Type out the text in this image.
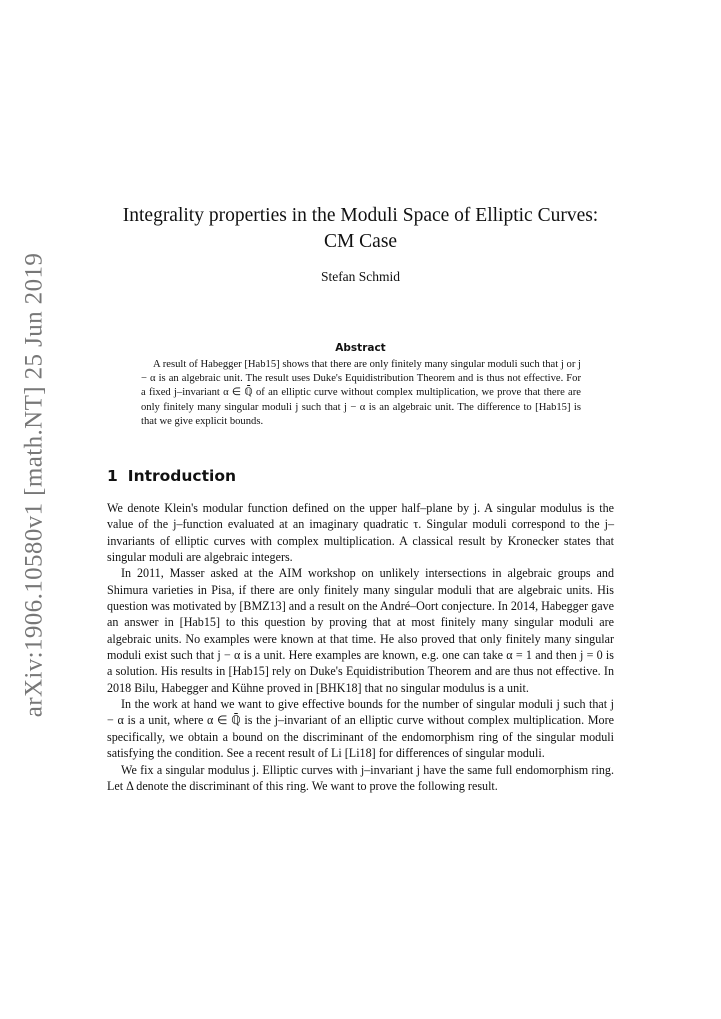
arXiv:1906.10580v1 [math.NT] 25 Jun 2019
Integrality properties in the Moduli Space of Elliptic Curves: CM Case
Stefan Schmid
Abstract
A result of Habegger [Hab15] shows that there are only finitely many singular moduli such that j or j − α is an algebraic unit. The result uses Duke's Equidistribution Theorem and is thus not effective. For a fixed j–invariant α ∈ ℚ̄ of an elliptic curve without complex multiplication, we prove that there are only finitely many singular moduli j such that j − α is an algebraic unit. The difference to [Hab15] is that we give explicit bounds.
1 Introduction

We denote Klein's modular function defined on the upper half–plane by j. A singular modulus is the value of the j–function evaluated at an imaginary quadratic τ. Singular moduli correspond to the j–invariants of elliptic curves with complex multiplication. A classical result by Kronecker states that singular moduli are algebraic integers.

In 2011, Masser asked at the AIM workshop on unlikely intersections in algebraic groups and Shimura varieties in Pisa, if there are only finitely many singular moduli that are algebraic units. His question was motivated by [BMZ13] and a result on the André–Oort conjecture. In 2014, Habegger gave an answer in [Hab15] to this question by proving that at most finitely many singular moduli are algebraic units. No examples were known at that time. He also proved that only finitely many singular moduli exist such that j − α is a unit. Here examples are known, e.g. one can take α = 1 and then j = 0 is a solution. His results in [Hab15] rely on Duke's Equidistribution Theorem and are thus not effective. In 2018 Bilu, Habegger and Kühne proved in [BHK18] that no singular modulus is a unit.

In the work at hand we want to give effective bounds for the number of singular moduli j such that j − α is a unit, where α ∈ ℚ̄ is the j–invariant of an elliptic curve without complex multiplication. More specifically, we obtain a bound on the discriminant of the endomorphism ring of the singular moduli satisfying the condition. See a recent result of Li [Li18] for differences of singular moduli.

We fix a singular modulus j. Elliptic curves with j–invariant j have the same full endomorphism ring. Let Δ denote the discriminant of this ring. We want to prove the following result.
